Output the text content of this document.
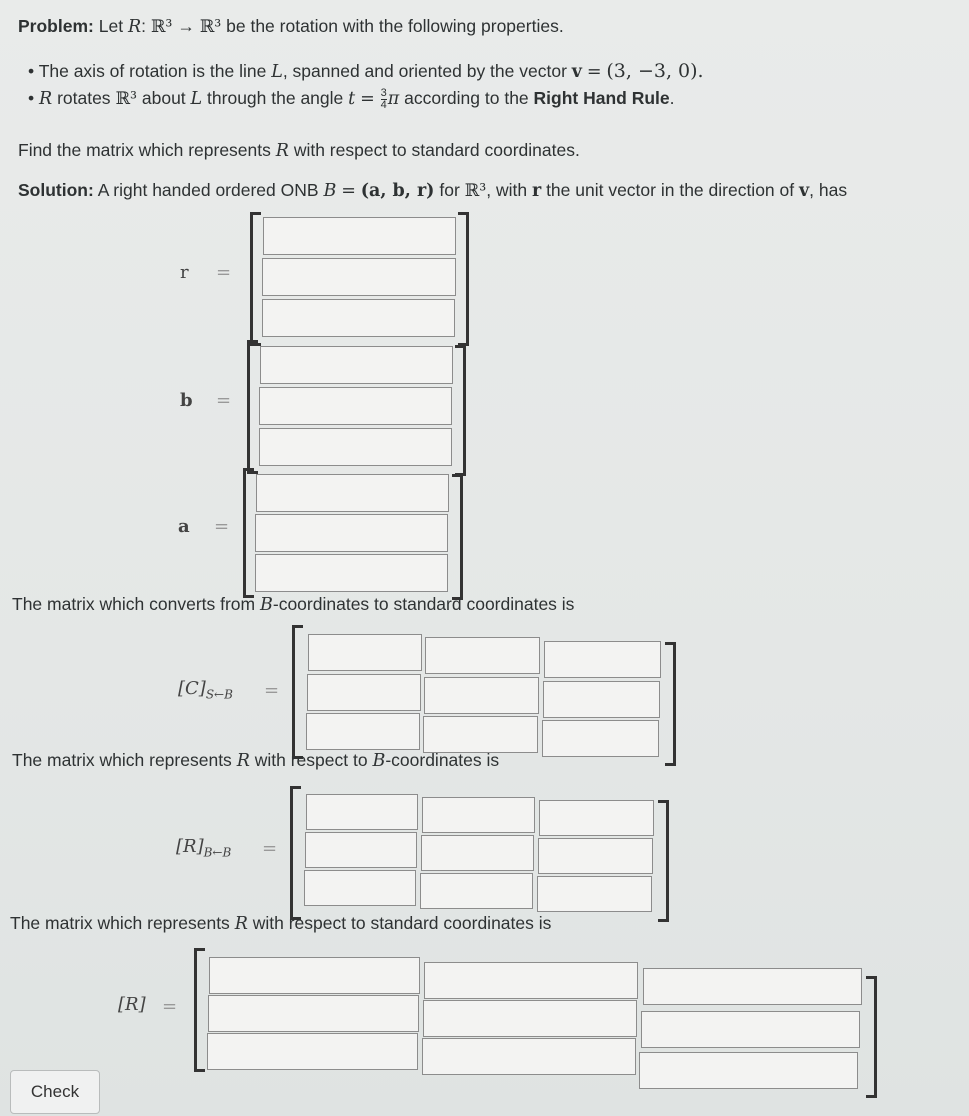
Problem: Let R: ℝ³ → ℝ³ be the rotation with the following properties.
• The axis of rotation is the line L, spanned and oriented by the vector v = (3, −3, 0).
• R rotates ℝ³ about L through the angle $t = \frac{3}{4}$ π according to the Right Hand Rule.
Find the matrix which represents R with respect to standard coordinates.
Solution: A right handed ordered ONB B = (a, b, r) for ℝ³, with r the unit vector in the direction of v, has
r =
b =
a =
The matrix which converts from B-coordinates to standard coordinates is
$[C]_{S\leftarrow B}$ =
The matrix which represents R with respect to B-coordinates is
$[R]_{B\leftarrow B}$ =
The matrix which represents R with respect to standard coordinates is
[R] =
Check
